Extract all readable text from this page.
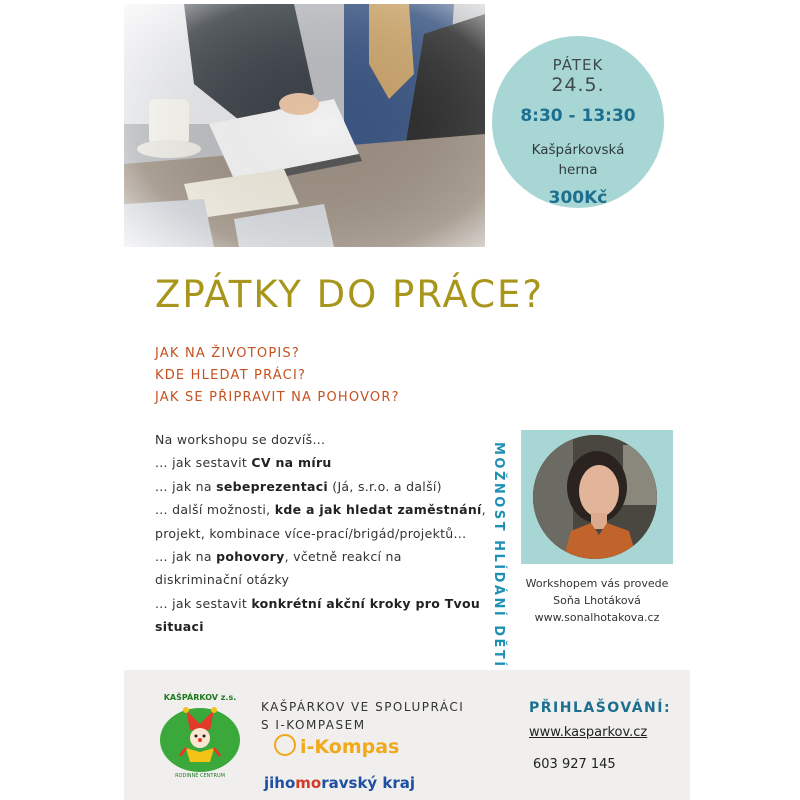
PÁTEK
24.5.
8:30 - 13:30
Kašpárkovská
herna
300Kč
ZPÁTKY DO PRÁCE?
JAK NA ŽIVOTOPIS?
KDE HLEDAT PRÁCI?
JAK SE PŘIPRAVIT NA POHOVOR?
Na workshopu se dozvíš...
... jak sestavit CV na míru
... jak na sebeprezentaci (Já, s.r.o. a další)
... další možnosti, kde a jak hledat zaměstnání,
projekt, kombinace více-prací/brigád/projektů...
... jak na pohovory, včetně reakcí na
diskriminační otázky
... jak sestavit konkrétní akční kroky pro Tvou
situaci	MOŽNOST HLÍDÁNÍ DĚTÍ	Workshopem vás provede
Soňa Lhotáková
www.sonalhotakova.cz
KAŠPÁRKOV z.s.
RODINNÉ CENTRUM
KAŠPÁRKOV VE SPOLUPRÁCI
S I-KOMPASEM
i-Kompas
jihomoravský kraj
PŘIHLAŠOVÁNÍ:
www.kasparkov.cz
603 927 145
